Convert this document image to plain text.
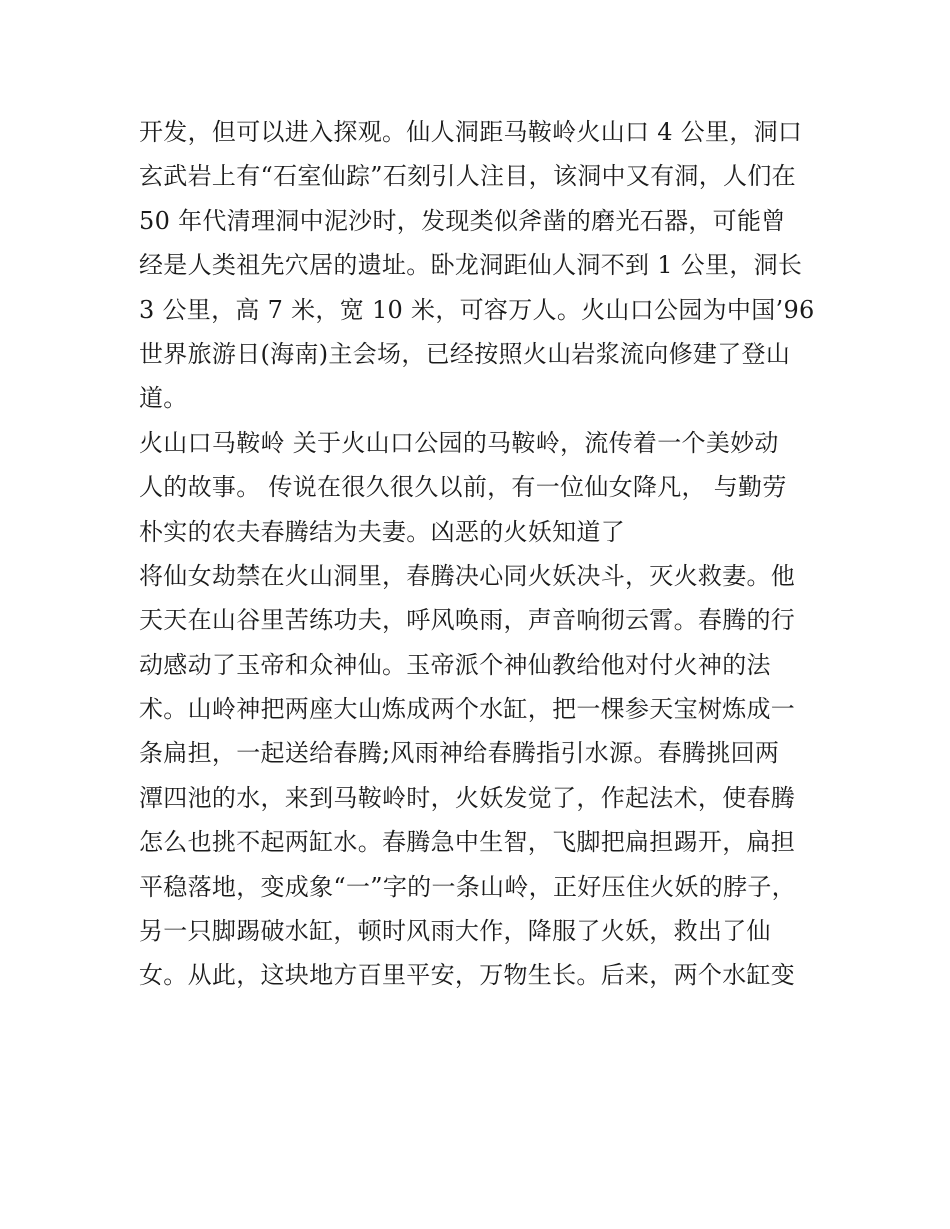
开发，但可以进入探观。仙人洞距马鞍岭火山口 4 公里，洞口
玄武岩上有“石室仙踪”石刻引人注目，该洞中又有洞，人们在
50 年代清理洞中泥沙时，发现类似斧凿的磨光石器，可能曾
经是人类祖先穴居的遗址。卧龙洞距仙人洞不到 1 公里，洞长
3 公里，高 7 米，宽 10 米，可容万人。火山口公园为中国’96
世界旅游日(海南)主会场，已经按照火山岩浆流向修建了登山
道。
火山口马鞍岭 关于火山口公园的马鞍岭，流传着一个美妙动
人的故事。 传说在很久很久以前，有一位仙女降凡， 与勤劳
朴实的农夫春腾结为夫妻。凶恶的火妖知道了
将仙女劫禁在火山洞里，春腾决心同火妖决斗，灭火救妻。他
天天在山谷里苦练功夫，呼风唤雨，声音响彻云霄。春腾的行
动感动了玉帝和众神仙。玉帝派个神仙教给他对付火神的法
术。山岭神把两座大山炼成两个水缸，把一棵参天宝树炼成一
条扁担，一起送给春腾;风雨神给春腾指引水源。春腾挑回两
潭四池的水，来到马鞍岭时，火妖发觉了，作起法术，使春腾
怎么也挑不起两缸水。春腾急中生智，飞脚把扁担踢开，扁担
平稳落地，变成象“一”字的一条山岭，正好压住火妖的脖子，
另一只脚踢破水缸，顿时风雨大作，降服了火妖，救出了仙
女。从此，这块地方百里平安，万物生长。后来，两个水缸变
